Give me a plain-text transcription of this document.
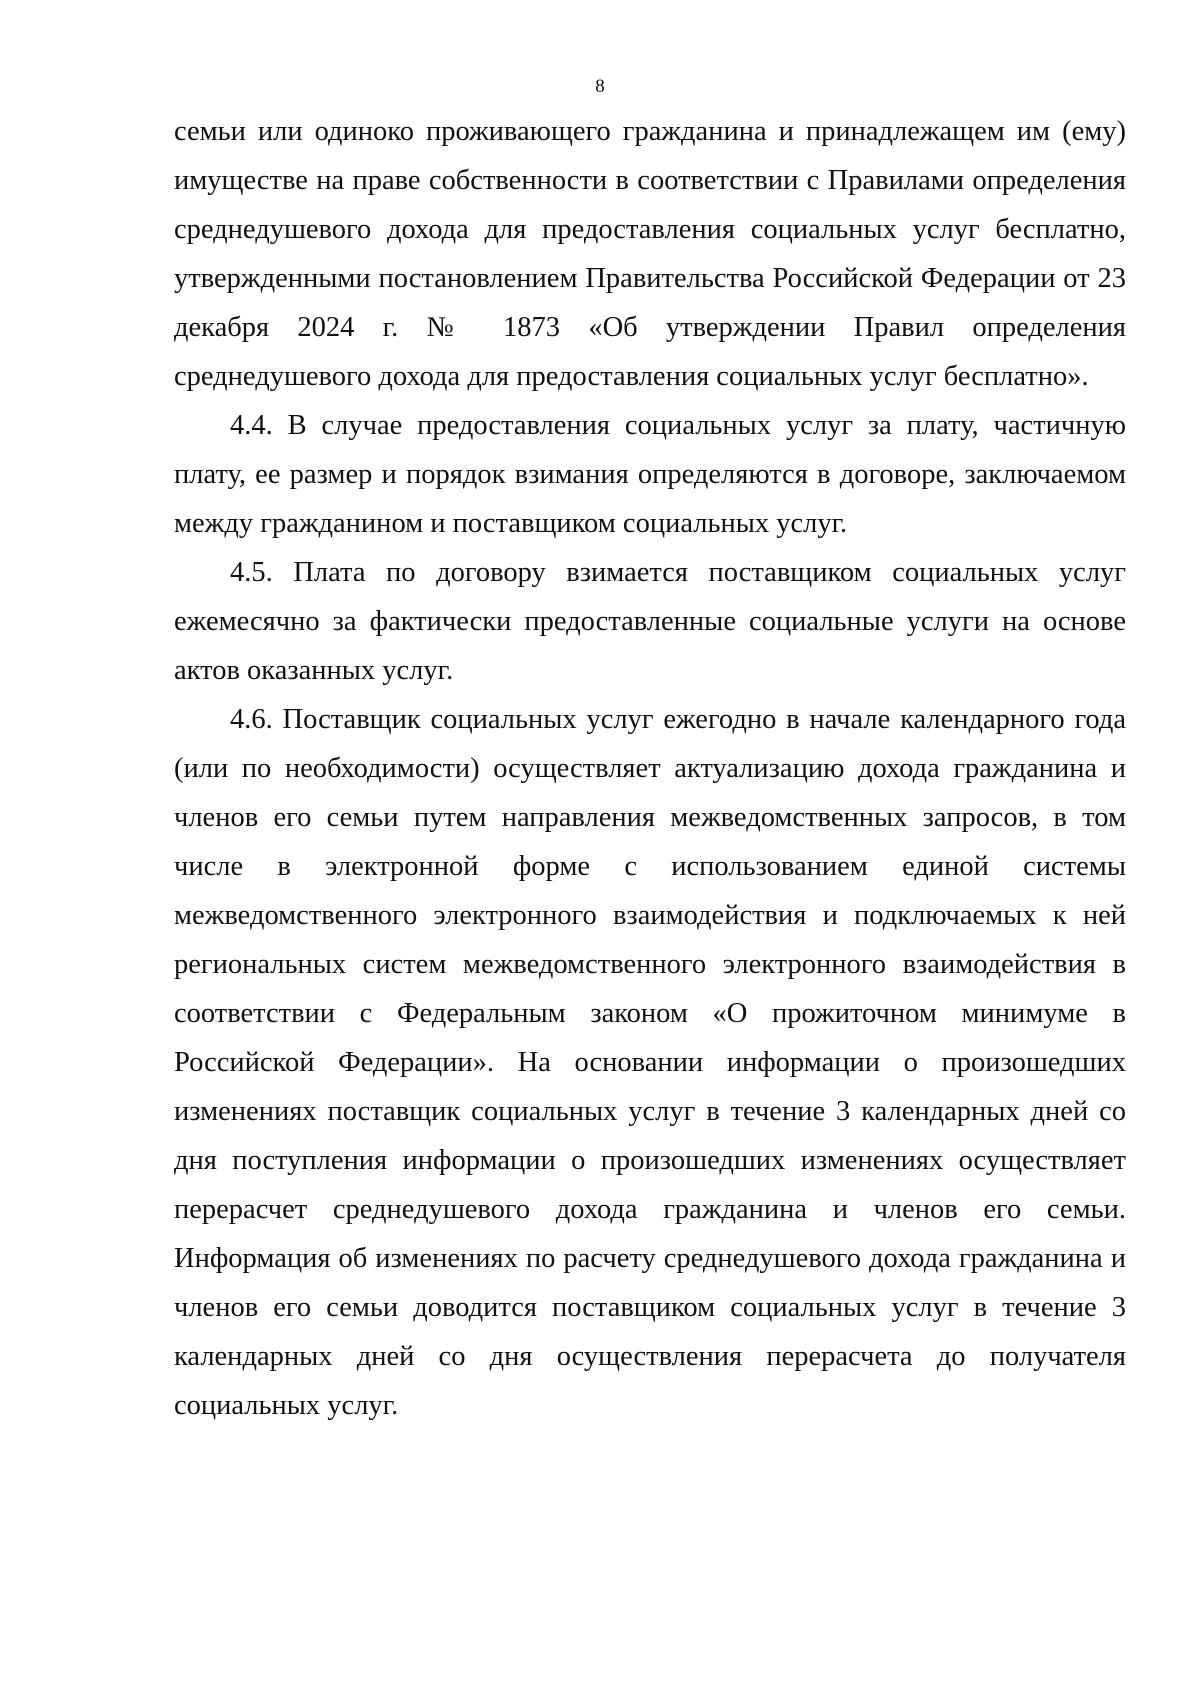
8

семьи или одиноко проживающего гражданина и принадлежащем им (ему) имуществе на праве собственности в соответствии с Правилами определения среднедушевого дохода для предоставления социальных услуг бесплатно, утвержденными постановлением Правительства Российской Федерации от 23 декабря 2024 г. № 1873 «Об утверждении Правил определения среднедушевого дохода для предоставления социальных услуг бесплатно».

4.4. В случае предоставления социальных услуг за плату, частичную плату, ее размер и порядок взимания определяются в договоре, заключаемом между гражданином и поставщиком социальных услуг.

4.5. Плата по договору взимается поставщиком социальных услуг ежемесячно за фактически предоставленные социальные услуги на основе актов оказанных услуг.

4.6. Поставщик социальных услуг ежегодно в начале календарного года (или по необходимости) осуществляет актуализацию дохода гражданина и членов его семьи путем направления межведомственных запросов, в том числе в электронной форме с использованием единой системы межведомственного электронного взаимодействия и подключаемых к ней региональных систем межведомственного электронного взаимодействия в соответствии с Федеральным законом «О прожиточном минимуме в Российской Федерации». На основании информации о произошедших изменениях поставщик социальных услуг в течение 3 календарных дней со дня поступления информации о произошедших изменениях осуществляет перерасчет среднедушевого дохода гражданина и членов его семьи. Информация об изменениях по расчету среднедушевого дохода гражданина и членов его семьи доводится поставщиком социальных услуг в течение 3 календарных дней со дня осуществления перерасчета до получателя социальных услуг.
